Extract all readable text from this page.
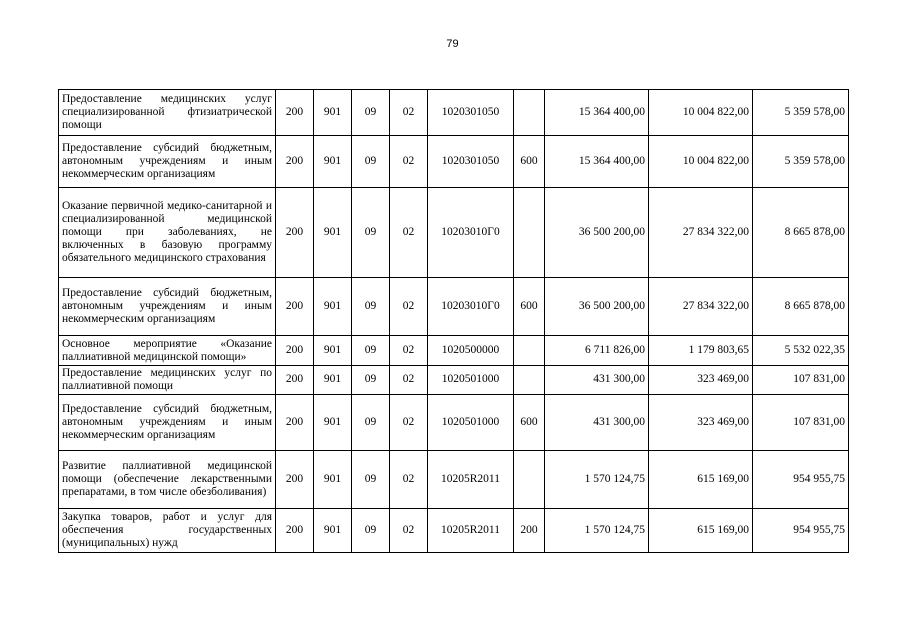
79
Предоставление медицинских услуг специализированной фтизиатрической помощи	200	901	09	02	1020301050		15 364 400,00	10 004 822,00	5 359 578,00
Предоставление субсидий бюджетным, автономным учреждениям и иным некоммерческим организациям	200	901	09	02	1020301050	600	15 364 400,00	10 004 822,00	5 359 578,00
Оказание первичной медико-санитарной и специализированной медицинской помощи при заболеваниях, не включенных в базовую программу обязательного медицинского страхования	200	901	09	02	10203010Г0		36 500 200,00	27 834 322,00	8 665 878,00
Предоставление субсидий бюджетным, автономным учреждениям и иным некоммерческим организациям	200	901	09	02	10203010Г0	600	36 500 200,00	27 834 322,00	8 665 878,00
Основное мероприятие «Оказание паллиативной медицинской помощи»	200	901	09	02	1020500000		6 711 826,00	1 179 803,65	5 532 022,35
Предоставление медицинских услуг по паллиативной помощи	200	901	09	02	1020501000		431 300,00	323 469,00	107 831,00
Предоставление субсидий бюджетным, автономным учреждениям и иным некоммерческим организациям	200	901	09	02	1020501000	600	431 300,00	323 469,00	107 831,00
Развитие паллиативной медицинской помощи (обеспечение лекарственными препаратами, в том числе обезболивания)	200	901	09	02	10205R2011		1 570 124,75	615 169,00	954 955,75
Закупка товаров, работ и услуг для обеспечения государственных (муниципальных) нужд	200	901	09	02	10205R2011	200	1 570 124,75	615 169,00	954 955,75
